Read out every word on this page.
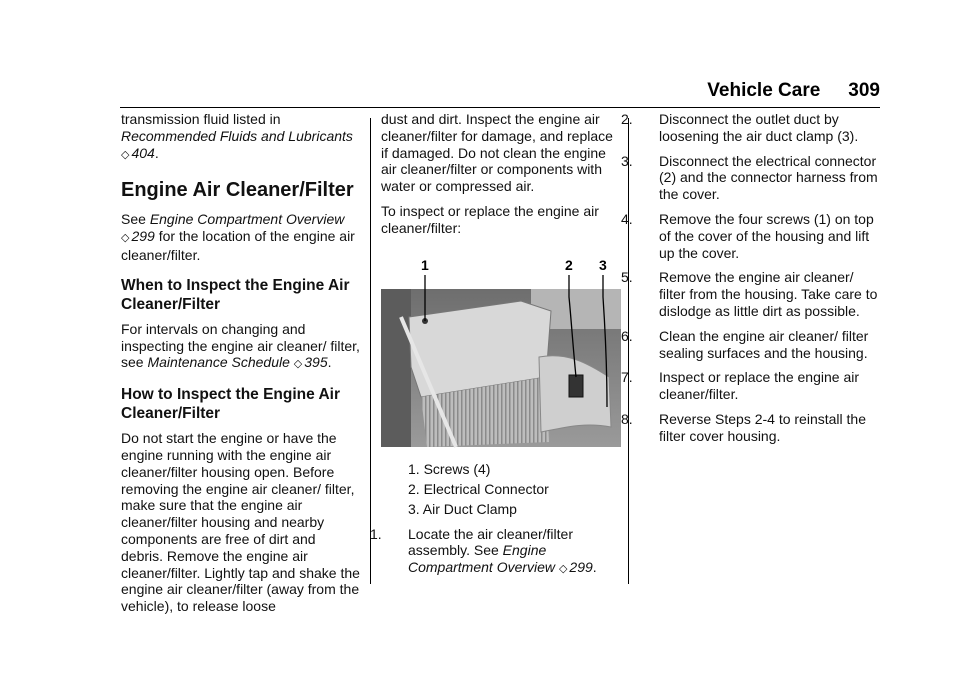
Vehicle Care 309

transmission fluid listed in Recommended Fluids and Lubricants ◇ 404.

Engine Air Cleaner/Filter

See Engine Compartment Overview ◇ 299 for the location of the engine air cleaner/filter.

When to Inspect the Engine Air Cleaner/Filter

For intervals on changing and inspecting the engine air cleaner/ filter, see Maintenance Schedule ◇ 395.

How to Inspect the Engine Air Cleaner/Filter

Do not start the engine or have the engine running with the engine air cleaner/filter housing open. Before removing the engine air cleaner/ filter, make sure that the engine air cleaner/filter housing and nearby components are free of dirt and debris. Remove the engine air cleaner/filter. Lightly tap and shake the engine air cleaner/filter (away from the vehicle), to release loose

dust and dirt. Inspect the engine air cleaner/filter for damage, and replace if damaged. Do not clean the engine air cleaner/filter or components with water or compressed air.

To inspect or replace the engine air cleaner/filter:

1	2 3
1. Screws (4)
2. Electrical Connector
3. Air Duct Clamp
1. Locate the air cleaner/filter assembly. See Engine Compartment Overview ◇ 299.
2. Disconnect the outlet duct by loosening the air duct clamp (3).
3. Disconnect the electrical connector (2) and the connector harness from the cover.
4. Remove the four screws (1) on top of the cover of the housing and lift up the cover.
5. Remove the engine air cleaner/ filter from the housing. Take care to dislodge as little dirt as possible.
6. Clean the engine air cleaner/ filter sealing surfaces and the housing.
7. Inspect or replace the engine air cleaner/filter.
8. Reverse Steps 2-4 to reinstall the filter cover housing.
